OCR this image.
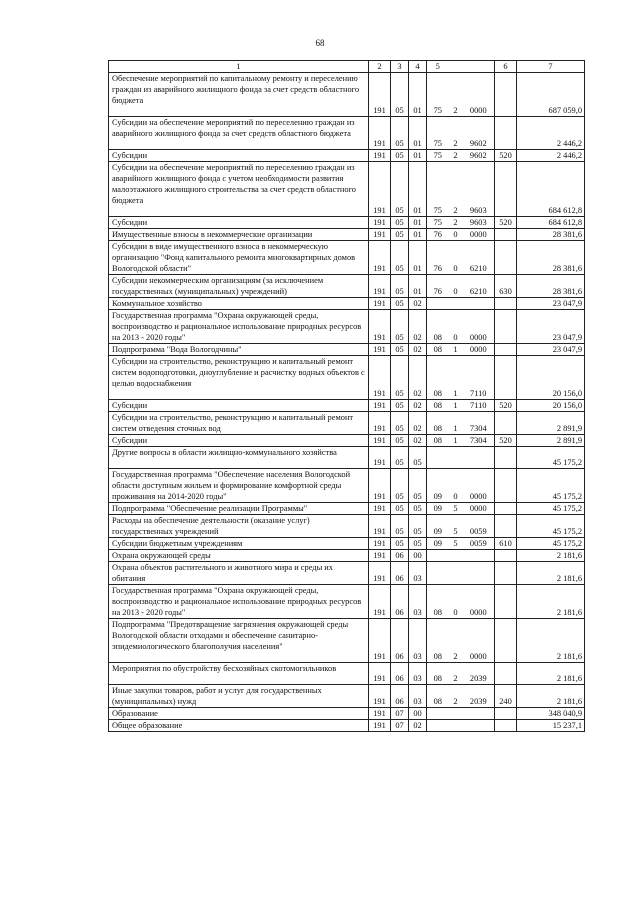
68
1	2	3	4	5			6	7
Обеспечение мероприятий по капитальному ремонту и переселению граждан из аварийного жилищного фонда за счет средств областного бюджета	191	05	01	75	2	0000		687 059,0
Субсидии на обеспечение мероприятий по переселению граждан из аварийного жилищного фонда за счет средств областного бюджета	191	05	01	75	2	9602		2 446,2
Субсидии	191	05	01	75	2	9602	520	2 446,2
Субсидии на обеспечение мероприятий по переселению граждан из аварийного жилищного фонда с учетом необходимости развития малоэтажного жилищного строительства за счет средств областного бюджета	191	05	01	75	2	9603		684 612,8
Субсидии	191	05	01	75	2	9603	520	684 612,8
Имущественные взносы в некоммерческие организации	191	05	01	76	0	0000		28 381,6
Субсидии в виде имущественного взноса в некоммерческую организацию "Фонд капитального ремонта многоквартирных домов Вологодской области"	191	05	01	76	0	6210		28 381,6
Субсидии некоммерческим организациям (за исключением государственных (муниципальных) учреждений)	191	05	01	76	0	6210	630	28 381,6
Коммунальное хозяйство	191	05	02					23 047,9
Государственная программа "Охрана окружающей среды, воспроизводство и рациональное использование природных ресурсов на 2013 - 2020 годы"	191	05	02	08	0	0000		23 047,9
Подпрограмма "Вода Вологодчины"	191	05	02	08	1	0000		23 047,9
Субсидии на строительство, реконструкцию и капитальный ремонт систем водоподготовки, дноуглубление и расчистку водных объектов с целью водоснабжения	191	05	02	08	1	7110		20 156,0
Субсидии	191	05	02	08	1	7110	520	20 156,0
Субсидии на строительство, реконструкцию и капитальный ремонт систем отведения сточных вод	191	05	02	08	1	7304		2 891,9
Субсидии	191	05	02	08	1	7304	520	2 891,9
Другие вопросы в области жилищно-коммунального хозяйства	191	05	05					45 175,2
Государственная программа "Обеспечение населения Вологодской области доступным жильем и формирование комфортной среды проживания на 2014-2020 годы"	191	05	05	09	0	0000		45 175,2
Подпрограмма "Обеспечение реализации Программы"	191	05	05	09	5	0000		45 175,2
Расходы на обеспечение деятельности (оказание услуг) государственных учреждений	191	05	05	09	5	0059		45 175,2
Субсидии бюджетным учреждениям	191	05	05	09	5	0059	610	45 175,2
Охрана окружающей среды	191	06	00					2 181,6
Охрана объектов растительного и животного мира и среды их обитания	191	06	03					2 181,6
Государственная программа "Охрана окружающей среды, воспроизводство и рациональное использование природных ресурсов на 2013 - 2020 годы"	191	06	03	08	0	0000		2 181,6
Подпрограмма "Предотвращение загрязнения окружающей среды Вологодской области отходами и обеспечение санитарно-эпидемиологического благополучия населения"	191	06	03	08	2	0000		2 181,6
Мероприятия по обустройству бесхозяйных скотомогильников	191	06	03	08	2	2039		2 181,6
Иные закупки товаров, работ и услуг для государственных (муниципальных) нужд	191	06	03	08	2	2039	240	2 181,6
Образование	191	07	00					348 040,9
Общее образование	191	07	02					15 237,1
